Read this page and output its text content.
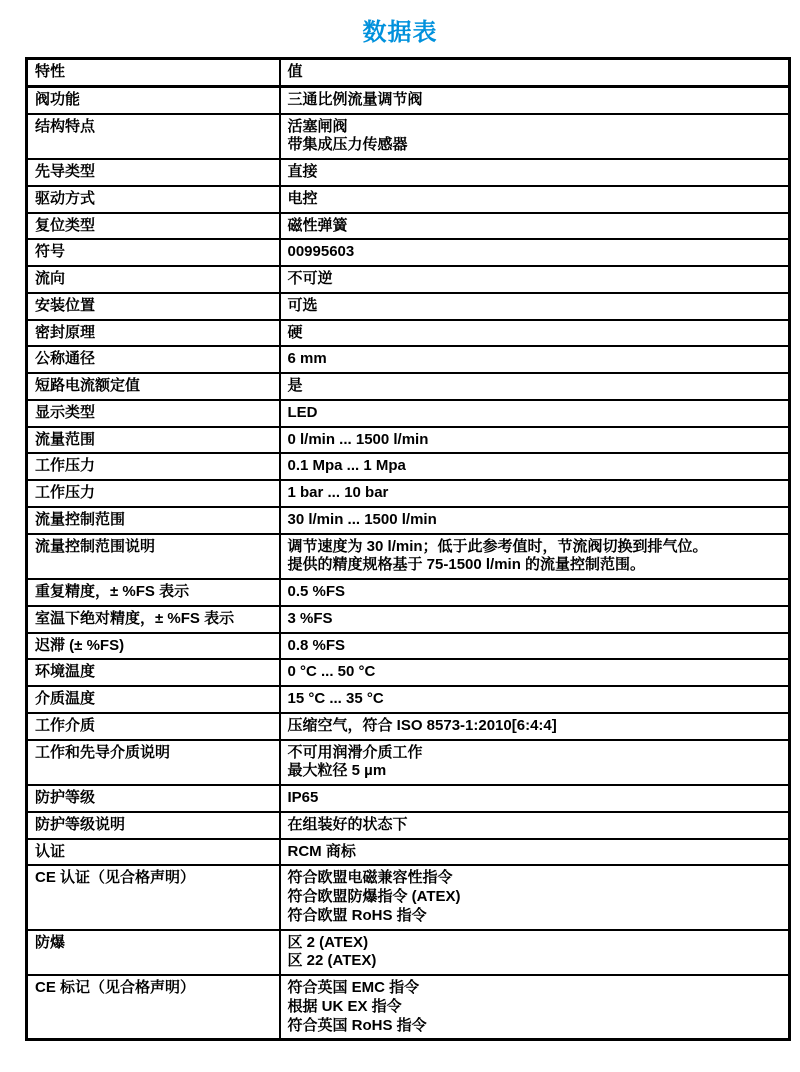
数据表
特性	值
阀功能	三通比例流量调节阀

结构特点	活塞闸阀
带集成压力传感器

先导类型	直接

驱动方式	电控

复位类型	磁性弹簧

符号	00995603

流向	不可逆

安装位置	可选

密封原理	硬

公称通径	6 mm

短路电流额定值	是

显示类型	LED

流量范围	0 l/min ... 1500 l/min

工作压力	0.1 Mpa ... 1 Mpa

工作压力	1 bar ... 10 bar

流量控制范围	30 l/min ... 1500 l/min

流量控制范围说明	调节速度为 30 l/min；低于此参考值时，节流阀切换到排气位。
提供的精度规格基于 75-1500 l/min 的流量控制范围。

重复精度，± %FS 表示	0.5 %FS

室温下绝对精度，± %FS 表示	3 %FS

迟滞 (± %FS)	0.8 %FS

环境温度	0 °C ... 50 °C

介质温度	15 °C ... 35 °C

工作介质	压缩空气，符合 ISO 8573-1:2010[6:4:4]

工作和先导介质说明	不可用润滑介质工作
最大粒径 5 µm

防护等级	IP65

防护等级说明	在组装好的状态下

认证	RCM 商标

CE 认证（见合格声明）	符合欧盟电磁兼容性指令
符合欧盟防爆指令 (ATEX)
符合欧盟 RoHS 指令

防爆	区 2 (ATEX)
区 22 (ATEX)

CE 标记（见合格声明）	符合英国 EMC 指令
根据 UK EX 指令
符合英国 RoHS 指令
